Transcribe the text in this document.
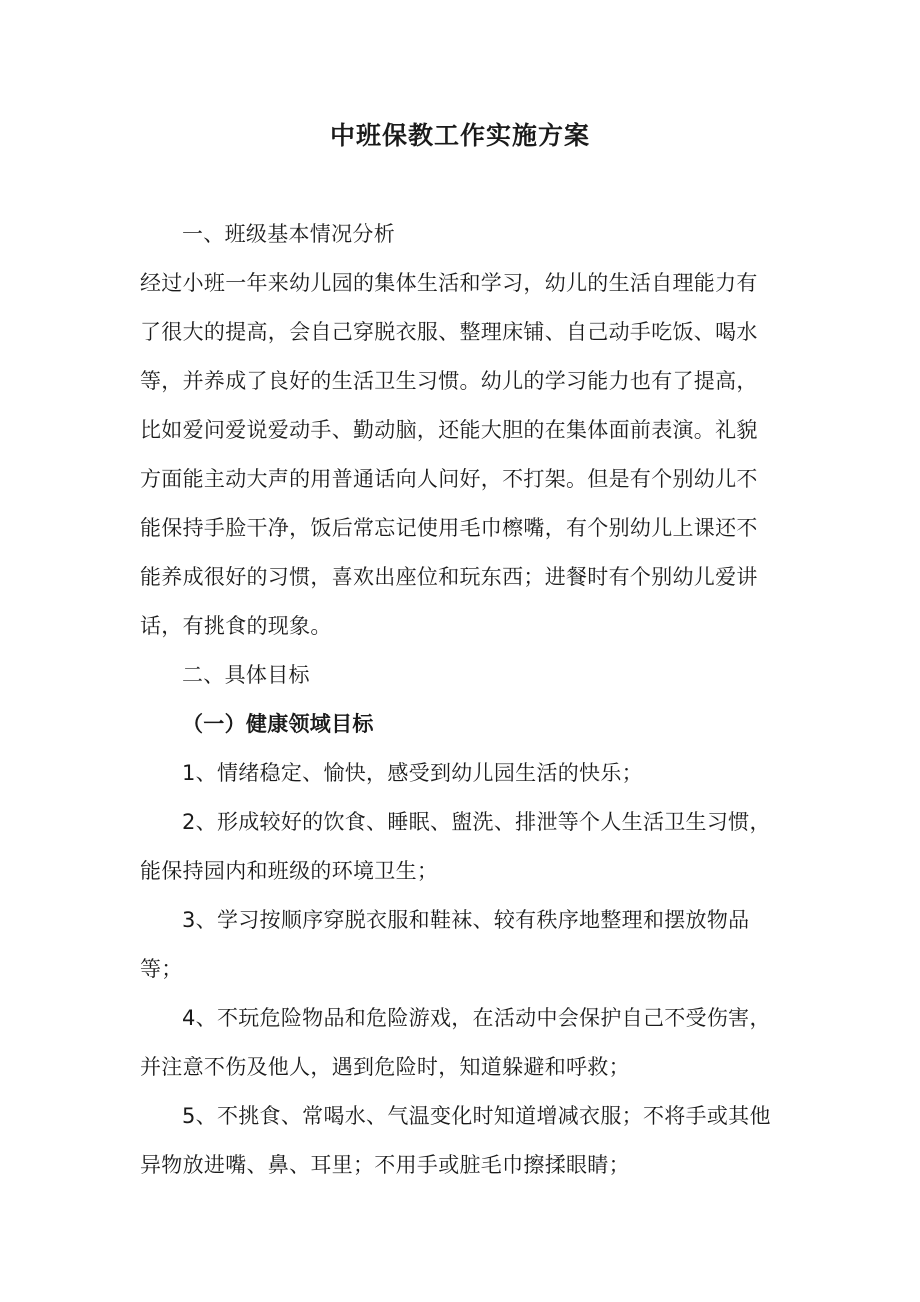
中班保教工作实施方案
一、班级基本情况分析
经过小班一年来幼儿园的集体生活和学习，幼儿的生活自理能力有
了很大的提高，会自己穿脱衣服、整理床铺、自己动手吃饭、喝水
等，并养成了良好的生活卫生习惯。幼儿的学习能力也有了提高，
比如爱问爱说爱动手、勤动脑，还能大胆的在集体面前表演。礼貌
方面能主动大声的用普通话向人问好，不打架。但是有个别幼儿不
能保持手脸干净，饭后常忘记使用毛巾檫嘴，有个别幼儿上课还不
能养成很好的习惯，喜欢出座位和玩东西；进餐时有个别幼儿爱讲
话，有挑食的现象。
二、具体目标
（一）健康领域目标
1、情绪稳定、愉快，感受到幼儿园生活的快乐；
2、形成较好的饮食、睡眠、盥洗、排泄等个人生活卫生习惯，
能保持园内和班级的环境卫生；
3、学习按顺序穿脱衣服和鞋袜、较有秩序地整理和摆放物品
等；
4、不玩危险物品和危险游戏，在活动中会保护自己不受伤害，
并注意不伤及他人，遇到危险时，知道躲避和呼救；
5、不挑食、常喝水、气温变化时知道增减衣服；不将手或其他
异物放进嘴、鼻、耳里；不用手或脏毛巾擦揉眼睛；
